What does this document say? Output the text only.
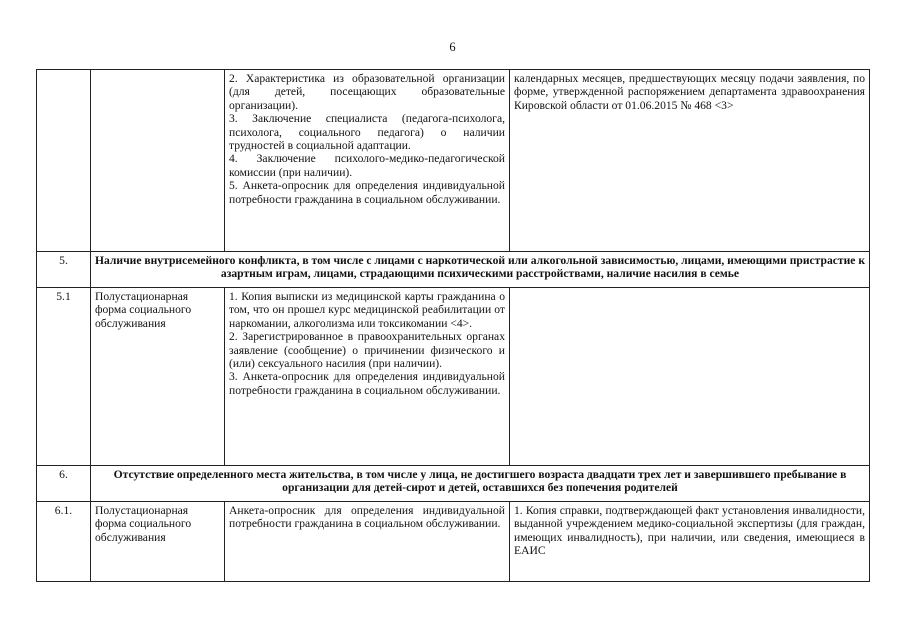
6

		2. Характеристика из образовательной организации (для детей, посещающих образовательные организации).
3. Заключение специалиста (педагога-психолога, психолога, социального педагога) о наличии трудностей в социальной адаптации.
4. Заключение психолого-медико-педагогической комиссии (при наличии).
5. Анкета-опросник для определения индивидуальной потребности гражданина в социальном обслуживании.	календарных месяцев, предшествующих месяцу подачи заявления, по форме, утвержденной распоряжением департамента здравоохранения Кировской области от 01.06.2015 № 468 <3>

5.	Наличие внутрисемейного конфликта, в том числе с лицами с наркотической или алкогольной зависимостью, лицами, имеющими пристрастие к азартным играм, лицами, страдающими психическими расстройствами, наличие насилия в семье		
5.1	Полустационарная форма социального обслуживания	1. Копия выписки из медицинской карты гражданина о том, что он прошел курс медицинской реабилитации от наркомании, алкоголизма или токсикомании <4>.
2. Зарегистрированное в правоохранительных органах заявление (сообщение) о причинении физического и (или) сексуального насилия (при наличии).
3. Анкета-опросник для определения индивидуальной потребности гражданина в социальном обслуживании.	

6.	Отсутствие определенного места жительства, в том числе у лица, не достигшего возраста двадцати трех лет и завершившего пребывание в организации для детей-сирот и детей, оставшихся без попечения родителей		
6.1.	Полустационарная форма социального обслуживания	Анкета-опросник для определения индивидуальной потребности гражданина в социальном обслуживании.	1. Копия справки, подтверждающей факт установления инвалидности, выданной учреждением медико-социальной экспертизы (для граждан, имеющих инвалидность), при наличии, или сведения, имеющиеся в ЕАИС
